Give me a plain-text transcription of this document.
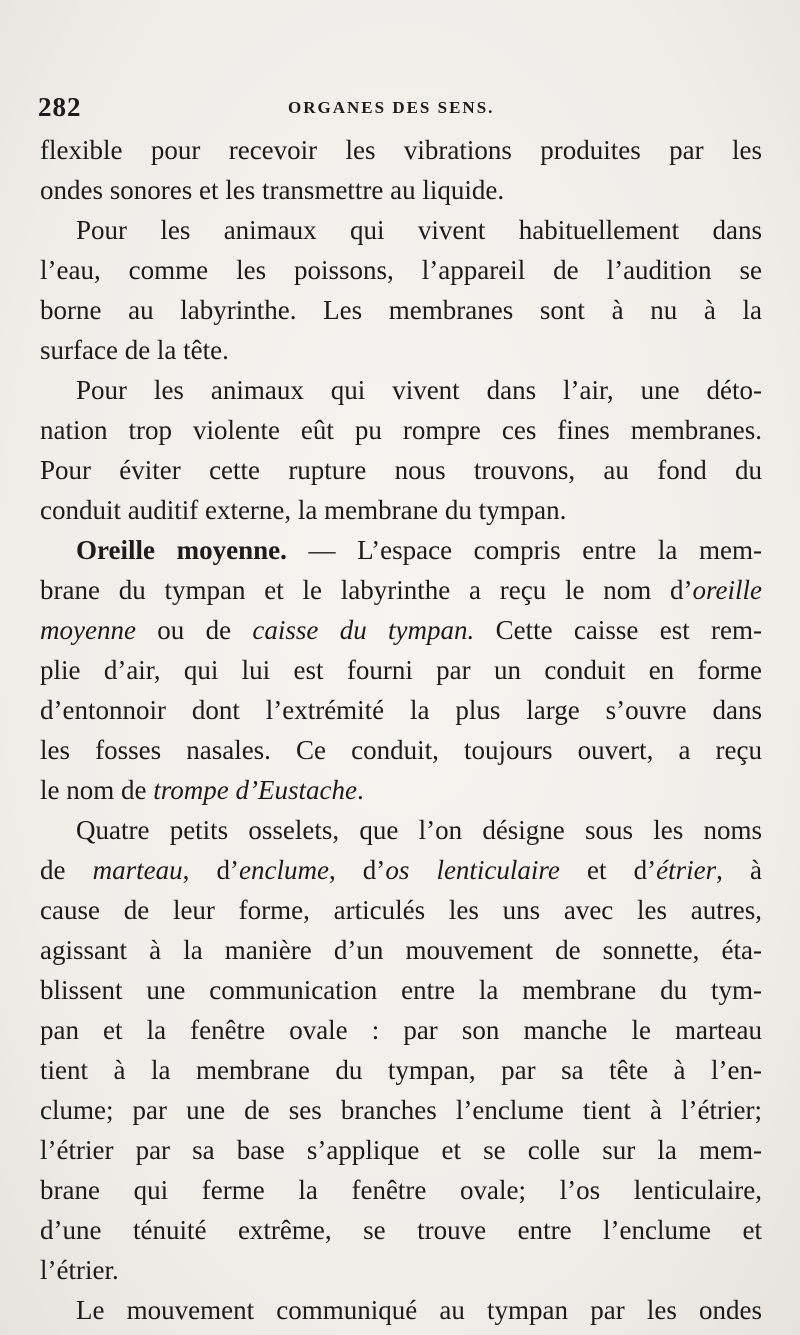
282	ORGANES DES SENS.
flexible pour recevoir les vibrations produites par les
ondes sonores et les transmettre au liquide.
Pour les animaux qui vivent habituellement dans
l’eau, comme les poissons, l’appareil de l’audition se
borne au labyrinthe. Les membranes sont à nu à la
surface de la tête.
Pour les animaux qui vivent dans l’air, une déto-
nation trop violente eût pu rompre ces fines membranes.
Pour éviter cette rupture nous trouvons, au fond du
conduit auditif externe, la membrane du tympan.
Oreille moyenne. — L’espace compris entre la mem-
brane du tympan et le labyrinthe a reçu le nom d’oreille
moyenne ou de caisse du tympan. Cette caisse est rem-
plie d’air, qui lui est fourni par un conduit en forme
d’entonnoir dont l’extrémité la plus large s’ouvre dans
les fosses nasales. Ce conduit, toujours ouvert, a reçu
le nom de trompe d’Eustache.
Quatre petits osselets, que l’on désigne sous les noms
de marteau, d’enclume, d’os lenticulaire et d’étrier, à
cause de leur forme, articulés les uns avec les autres,
agissant à la manière d’un mouvement de sonnette, éta-
blissent une communication entre la membrane du tym-
pan et la fenêtre ovale : par son manche le marteau
tient à la membrane du tympan, par sa tête à l’en-
clume; par une de ses branches l’enclume tient à l’étrier;
l’étrier par sa base s’applique et se colle sur la mem-
brane qui ferme la fenêtre ovale; l’os lenticulaire,
d’une ténuité extrême, se trouve entre l’enclume et
l’étrier.
Le mouvement communiqué au tympan par les ondes
